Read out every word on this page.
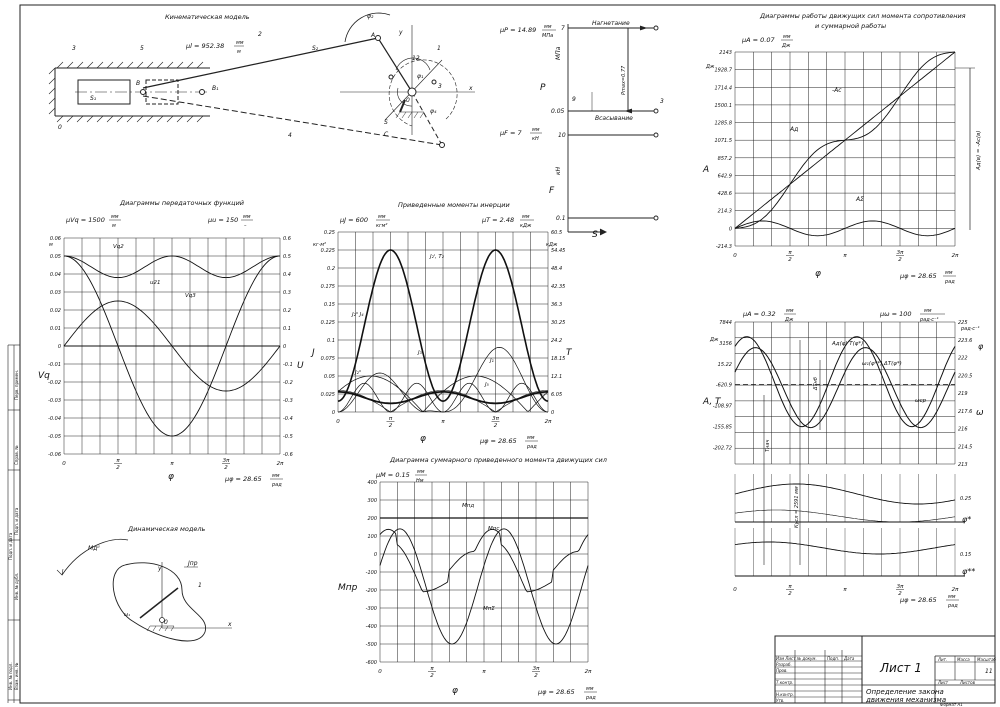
Перв. примен.
Справ. №
Подп. и дата
Инв. № дубл.
Взам. инв. №
Подп. и дата
Инв. № подл.
Кинематическая модель
μl = 952.38 мм
м
3	5
2
4
1
3
12
0
B
A
C
S₂
S₁
φ₂
φ₁
φ₄
S
y
x
0
B₁
μP = 14.89 мм
МПа
μF = 7 мм
кН
Нагнетание
Всасывание
P
F
S
МПа
кН
7
0.05
10
0.1
9	3
Pmax=0.77
Диаграммы работы движущих сил момента сопротивления
и суммарной работы
μA = 0.07 мм
Дж
2143
1928.7
1714.4
1500.1
1285.8
1071.5
857.2
642.9
428.6
214.3
0
-214.3
0	π
2
π	3π
2
2π
-Ac
Aд
AΣ
A
Дж
φ	μφ = 28.65 мм
рад
Aд(в) = -Ac(в)
Диаграммы передаточных функций
μVq = 1500 мм
м
μu = 150 мм
–
0.06
0.05
0.04
0.03
0.02
0.01
0
-0.01
-0.02
-0.03
-0.04
-0.05
-0.06
0.6
0.5
0.4
0.3
0.2
0.1
0
-0.1
-0.2
-0.3
-0.4
-0.5
-0.6
0	π
2
π	3π
2
2π
Vq2
Vq3
u21
Vq
м
U
φ	μφ = 28.65 мм
рад
Приведенные моменты инерции
μJ = 600 мм
кгм²
μT = 2.48 мм
кДж
0.25
0.225
0.2
0.175
0.15
0.125
0.1
0.075
0.05
0.025
0
60.5
54.45
48.4
42.35
36.3
30.25
24.2
18.15
12.1
6.05
0
0	π
2
π	3π
2
2π
J₂ᴵ, T₂
J₂ᴵᴵ J₄
J₃
J₂ᴵᴵ
J₁
J₅
кг·м²
J
кДж
T
φ	μφ = 28.65 мм
рад
μA = 0.32 мм
Дж
μω = 100 мм
рад·с⁻¹
7844
3156
15.22
-620.9
-108.97
-155.85
-202.72
225
223.6
222
220.5
219
217.6
216
214.5
213
0	π
2
π	3π
2
2π
Aд(φ) T(φ*)
ω₁(φ**) ΔT(φ*)
ωср
A, T
Дж
ω
рад·с⁻¹
φ
φ*
φ**
0.25
0.15
μφ = 28.65 мм
рад
Tнач
Кусл = 2591 мм
ΔTнб
Динамическая модель
Mдᴵᴵ
Jпр
1
0	x
y
ω₁
Диаграмма суммарного приведенного момента движущих сил
μM = 0.15 мм
Нм
400
300
200
100
0
-100
-200
-300
-400
-500
-600
0	π
2
π	3π
2
2π
Mпд
Mпс
MпΣ
Mпр
φ	μφ = 28.65 мм
рад
Изм Лист № докум.	Подп. Дата
Разраб.
Пров.
Т.контр.
Н.контр.
Утв.
Лит. Масса Масштаб
Лист	Листов
Формат А1
Лист 1
Определение закона
движения механизма
11
